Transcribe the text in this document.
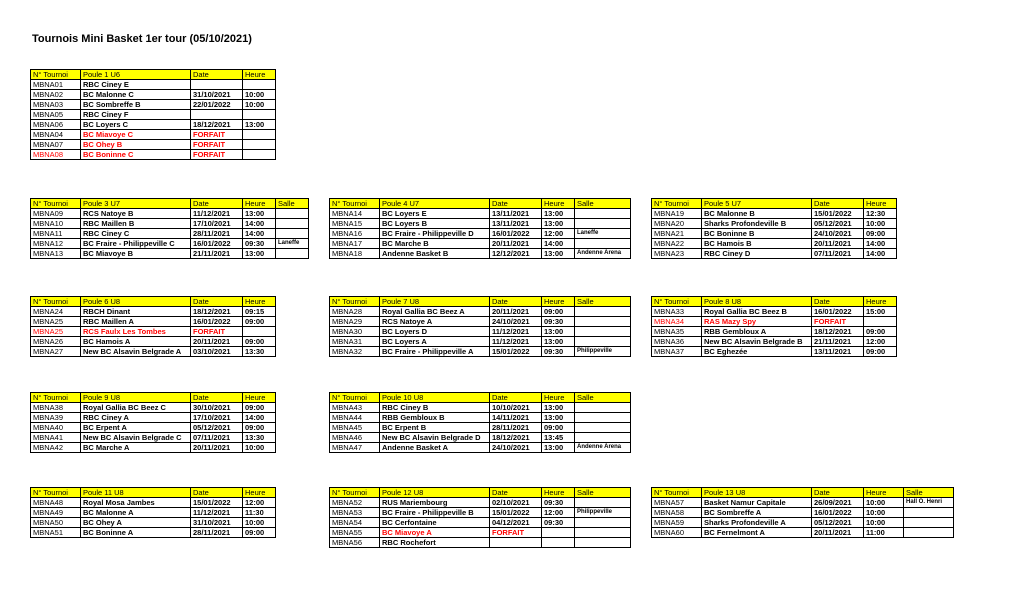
Tournois Mini Basket 1er tour (05/10/2021)
N° Tournoi	Poule 1 U6	Date	Heure
MBNA01	RBC Ciney E		
MBNA02	BC Malonne C	31/10/2021	10:00
MBNA03	BC Sombreffe B	22/01/2022	10:00
MBNA05	RBC Ciney F		
MBNA06	BC Loyers C	18/12/2021	13:00
MBNA04	BC Miavoye C	FORFAIT	
MBNA07	BC Ohey B	FORFAIT	
MBNA08	BC Boninne C	FORFAIT	
N° Tournoi	Poule 3 U7	Date	Heure	Salle
MBNA09	RCS Natoye B	11/12/2021	13:00	
MBNA10	RBC Maillen B	17/10/2021	14:00	
MBNA11	RBC Ciney C	28/11/2021	14:00	
MBNA12	BC Fraire - Philippeville C	16/01/2022	09:30	Laneffe
MBNA13	BC Miavoye B	21/11/2021	13:00	
N° Tournoi	Poule 4 U7	Date	Heure	Salle
MBNA14	BC Loyers E	13/11/2021	13:00	
MBNA15	BC Loyers B	13/11/2021	13:00	
MBNA16	BC Fraire - Philippeville D	16/01/2022	12:00	Laneffe
MBNA17	BC Marche B	20/11/2021	14:00	
MBNA18	Andenne Basket B	12/12/2021	13:00	Andenne Arena
N° Tournoi	Poule 5 U7	Date	Heure
MBNA19	BC Malonne B	15/01/2022	12:30
MBNA20	Sharks Profondeville B	05/12/2021	10:00
MBNA21	BC Boninne B	24/10/2021	09:00
MBNA22	BC Hamois B	20/11/2021	14:00
MBNA23	RBC Ciney D	07/11/2021	14:00
N° Tournoi	Poule 6 U8	Date	Heure
MBNA24	RBCH Dinant	18/12/2021	09:15
MBNA25	RBC Maillen A	16/01/2022	09:00
MBNA25	RCS Faulx Les Tombes	FORFAIT	
MBNA26	BC Hamois A	20/11/2021	09:00
MBNA27	New BC Alsavin Belgrade A	03/10/2021	13:30
N° Tournoi	Poule 7 U8	Date	Heure	Salle
MBNA28	Royal Gallia BC Beez A	20/11/2021	09:00	
MBNA29	RCS Natoye A	24/10/2021	09:30	
MBNA30	BC Loyers D	11/12/2021	13:00	
MBNA31	BC Loyers A	11/12/2021	13:00	
MBNA32	BC Fraire - Philippeville A	15/01/2022	09:30	Philippeville
N° Tournoi	Poule 8 U8	Date	Heure
MBNA33	Royal Gallia BC Beez B	16/01/2022	15:00
MBNA34	RAS Mazy Spy	FORFAIT	
MBNA35	RBB Gembloux A	18/12/2021	09:00
MBNA36	New BC Alsavin Belgrade B	21/11/2021	12:00
MBNA37	BC Eghezée	13/11/2021	09:00
N° Tournoi	Poule 9 U8	Date	Heure
MBNA38	Royal Gallia BC Beez C	30/10/2021	09:00
MBNA39	RBC Ciney A	17/10/2021	14:00
MBNA40	BC Erpent A	05/12/2021	09:00
MBNA41	New BC Alsavin Belgrade C	07/11/2021	13:30
MBNA42	BC Marche A	20/11/2021	10:00
N° Tournoi	Poule 10 U8	Date	Heure	Salle
MBNA43	RBC Ciney B	10/10/2021	13:00	
MBNA44	RBB Gembloux B	14/11/2021	13:00	
MBNA45	BC Erpent B	28/11/2021	09:00	
MBNA46	New BC Alsavin Belgrade D	18/12/2021	13:45	
MBNA47	Andenne Basket A	24/10/2021	13:00	Andenne Arena
N° Tournoi	Poule 11 U8	Date	Heure
MBNA48	Royal Mosa Jambes	15/01/2022	12:00
MBNA49	BC Malonne A	11/12/2021	11:30
MBNA50	BC Ohey A	31/10/2021	10:00
MBNA51	BC Boninne A	28/11/2021	09:00
N° Tournoi	Poule 12 U8	Date	Heure	Salle
MBNA52	RUS Mariembourg	02/10/2021	09:30	
MBNA53	BC Fraire - Philippeville B	15/01/2022	12:00	Philippeville
MBNA54	BC Cerfontaine	04/12/2021	09:30	
MBNA55	BC Miavoye A	FORFAIT		
MBNA56	RBC Rochefort			
N° Tournoi	Poule 13 U8	Date	Heure	Salle
MBNA57	Basket Namur Capitale	26/09/2021	10:00	Hall O. Henri
MBNA58	BC Sombreffe A	16/01/2022	10:00	
MBNA59	Sharks Profondeville A	05/12/2021	10:00	
MBNA60	BC Fernelmont A	20/11/2021	11:00	
